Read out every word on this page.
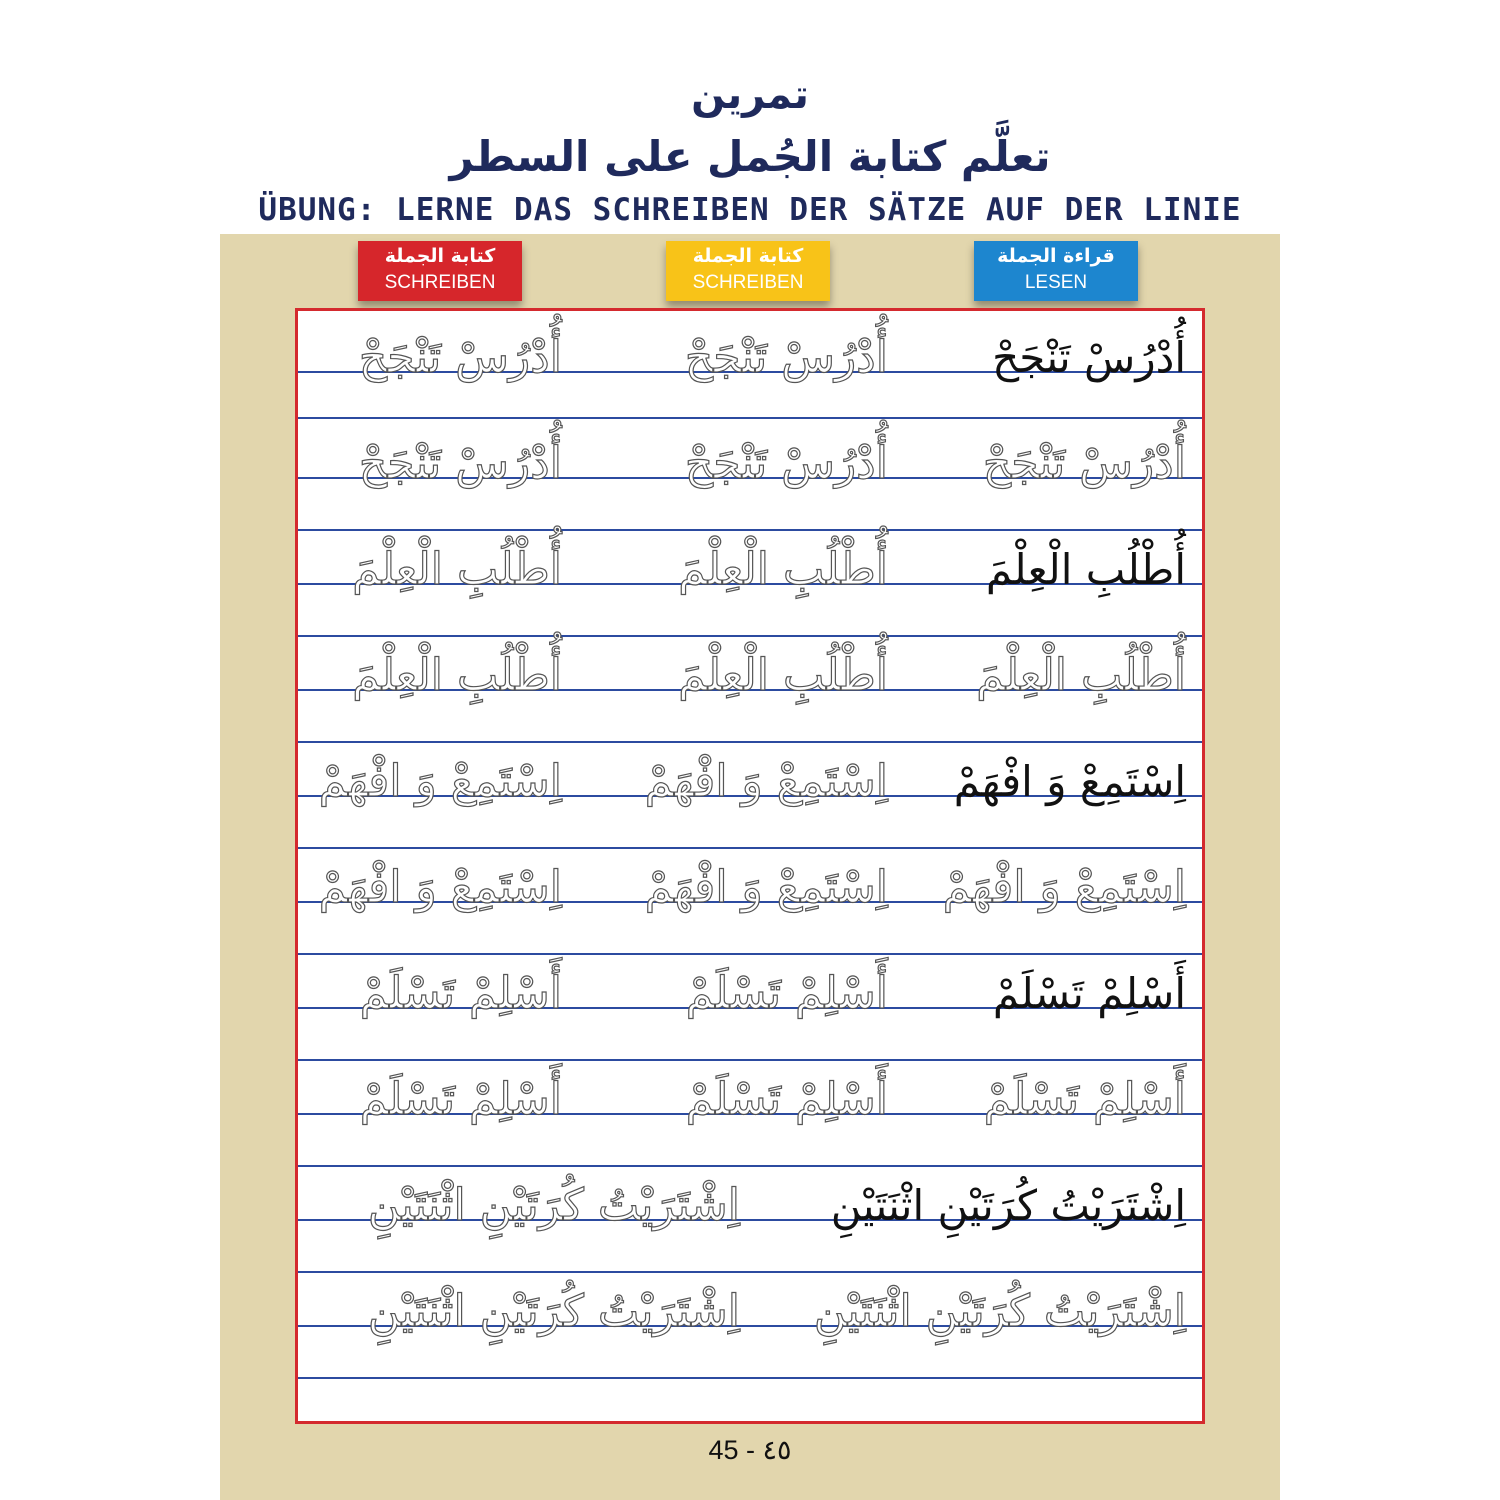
تمرين
تعلَّم كتابة الجُمل على السطر
ÜBUNG: LERNE DAS SCHREIBEN DER SÄTZE AUF DER LINIE
كتابة الجملة
SCHREIBEN
كتابة الجملة
SCHREIBEN
قراءة الجملة
LESEN
أُدْرُسْ تَنْجَحْ
أُدْرُسْ تَنْجَحْ
أُدْرُسْ تَنْجَحْ
أُدْرُسْ تَنْجَحْ
أُدْرُسْ تَنْجَحْ
أُدْرُسْ تَنْجَحْ
أُطْلُبِ الْعِلْمَ
أُطْلُبِ الْعِلْمَ
أُطْلُبِ الْعِلْمَ
أُطْلُبِ الْعِلْمَ
أُطْلُبِ الْعِلْمَ
أُطْلُبِ الْعِلْمَ
اِسْتَمِعْ وَ افْهَمْ
اِسْتَمِعْ وَ افْهَمْ
اِسْتَمِعْ وَ افْهَمْ
اِسْتَمِعْ وَ افْهَمْ
اِسْتَمِعْ وَ افْهَمْ
اِسْتَمِعْ وَ افْهَمْ
أَسْلِمْ تَسْلَمْ
أَسْلِمْ تَسْلَمْ
أَسْلِمْ تَسْلَمْ
أَسْلِمْ تَسْلَمْ
أَسْلِمْ تَسْلَمْ
أَسْلِمْ تَسْلَمْ
اِشْتَرَيْتُ كُرَتَيْنِ اثْنَتَيْنِ
اِشْتَرَيْتُ كُرَتَيْنِ اثْنَتَيْنِ
اِشْتَرَيْتُ كُرَتَيْنِ اثْنَتَيْنِ
اِشْتَرَيْتُ كُرَتَيْنِ اثْنَتَيْنِ
45 - ٤٥
